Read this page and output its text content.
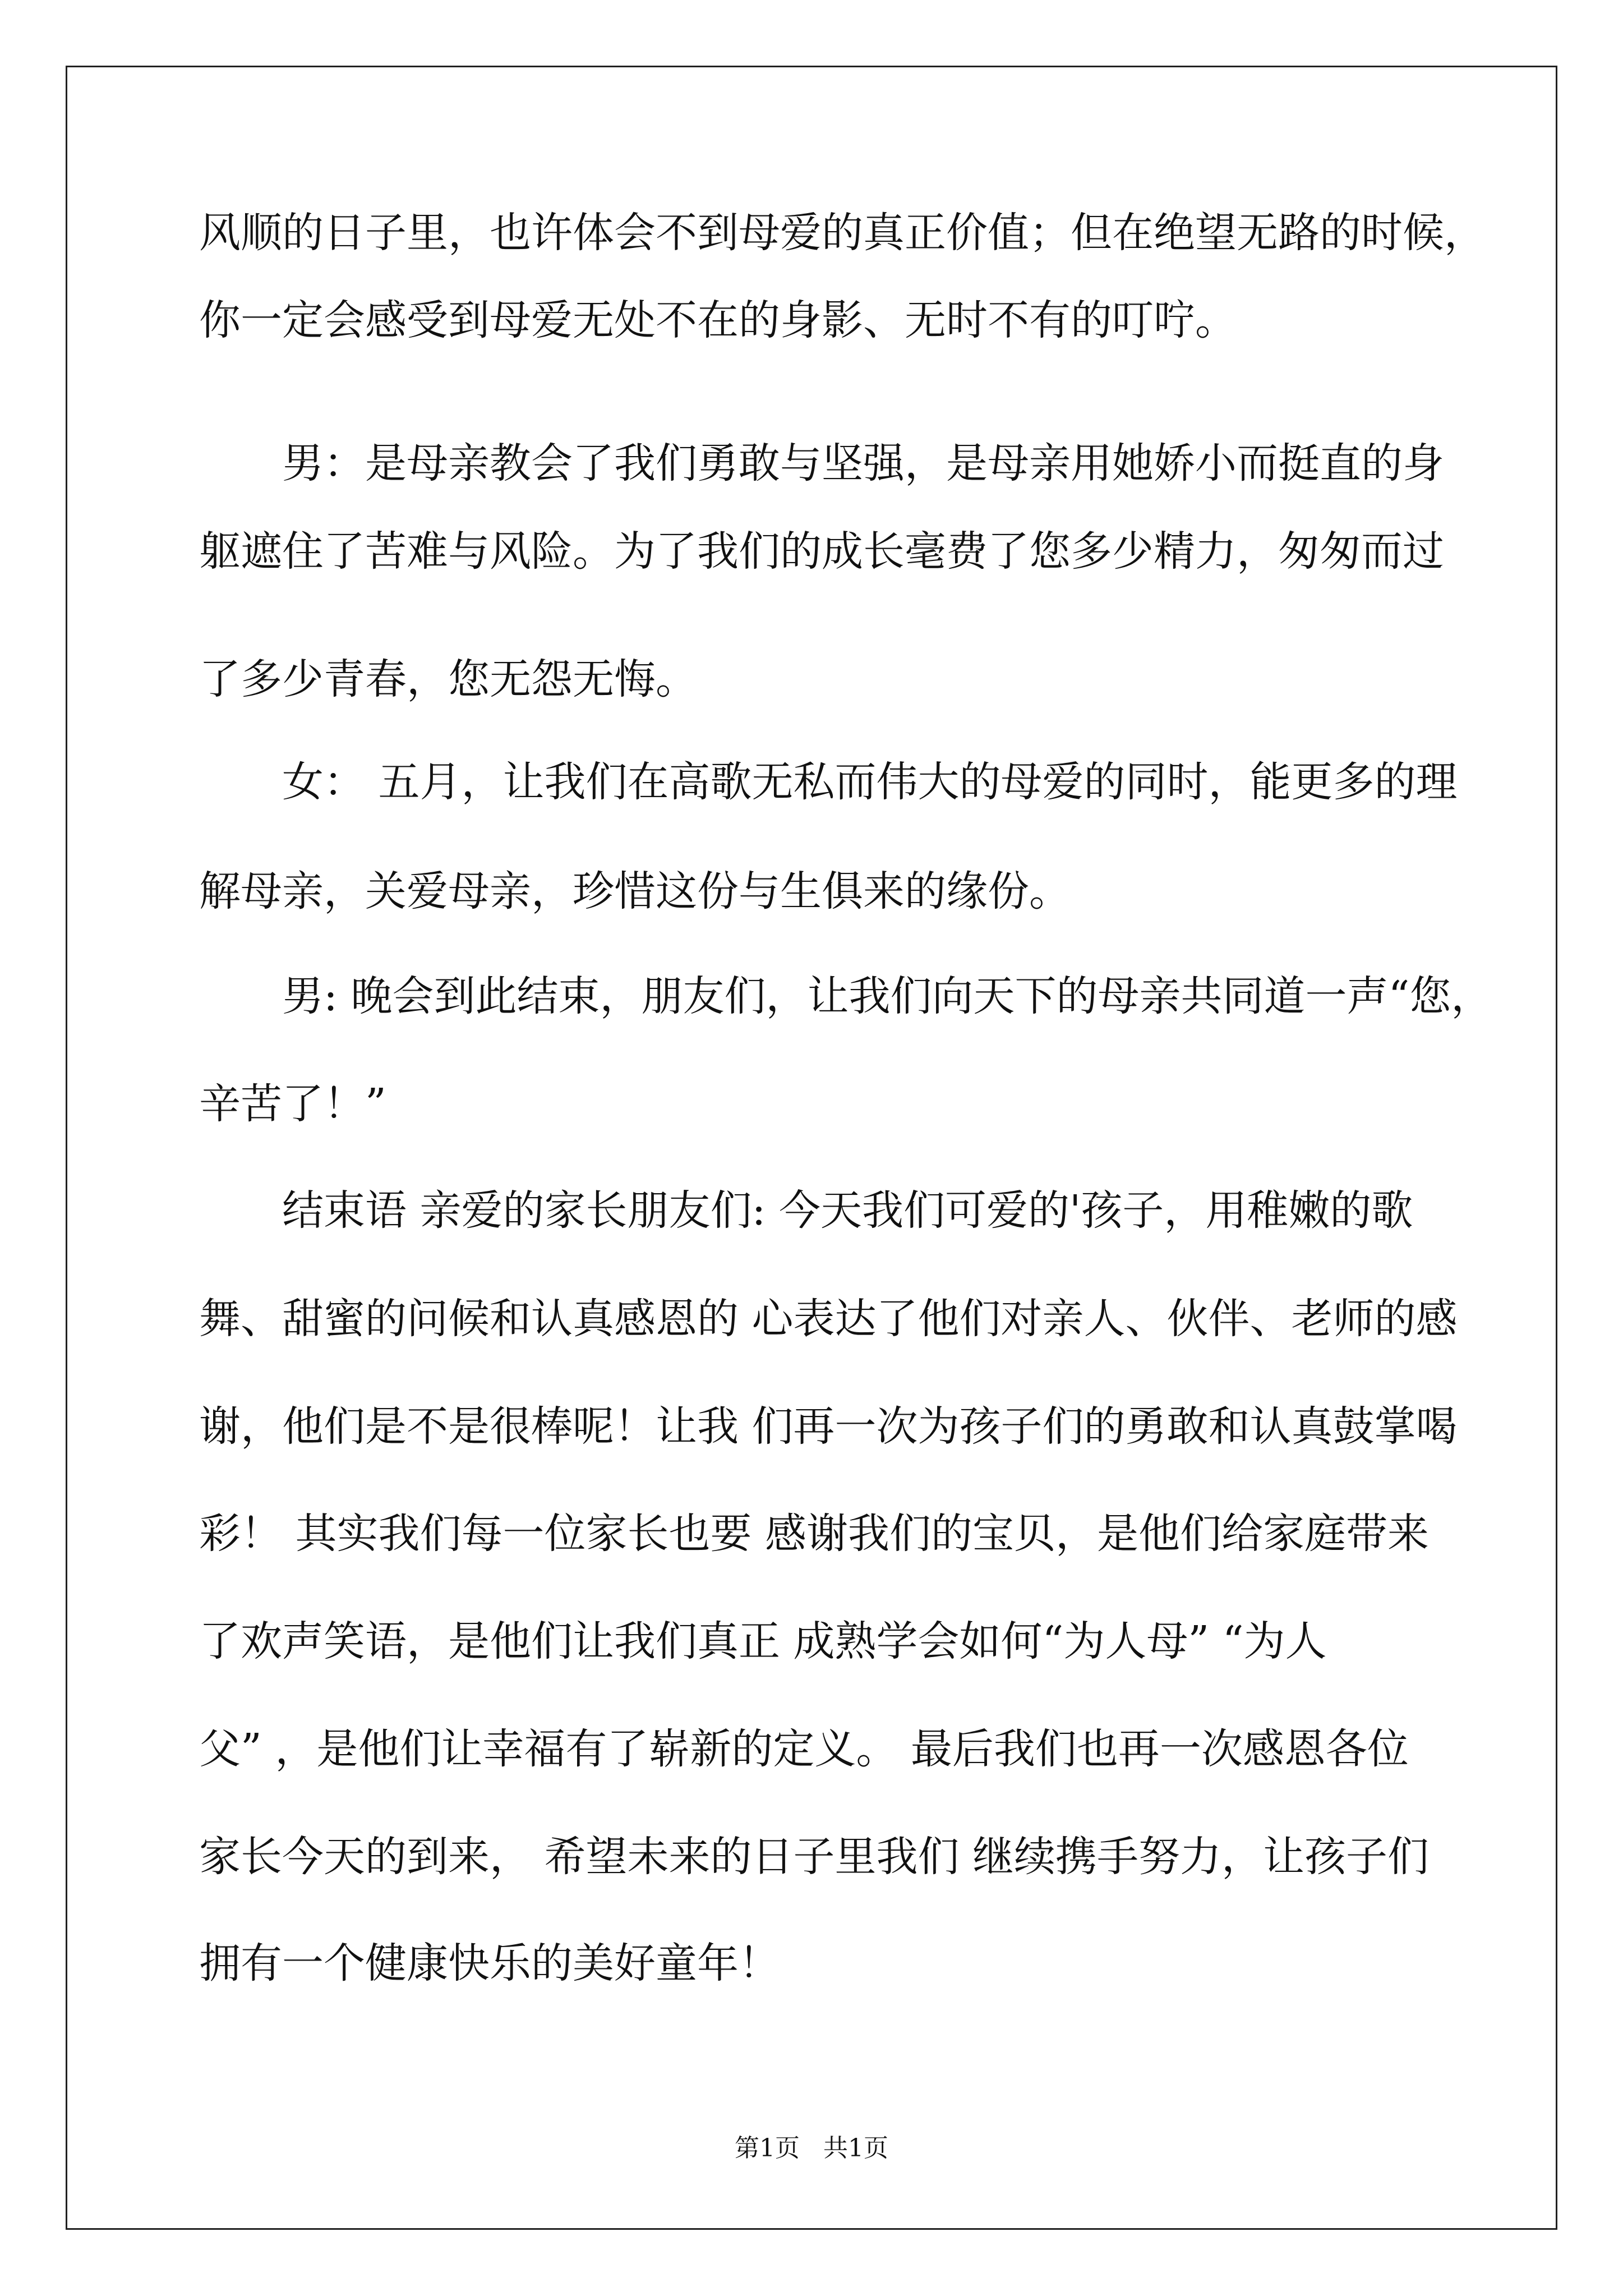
风顺的日子里，也许体会不到母爱的真正价值；但在绝望无路的时候，
你一定会感受到母爱无处不在的身影、无时不有的叮咛。
男：是母亲教会了我们勇敢与坚强，是母亲用她娇小而挺直的身
躯遮住了苦难与风险。为了我们的成长毫费了您多少精力，匆匆而过
了多少青春，您无怨无悔。
女： 五月，让我们在高歌无私而伟大的母爱的同时，能更多的理
解母亲，关爱母亲，珍惜这份与生俱来的缘份。
男: 晚会到此结束，朋友们，让我们向天下的母亲共同道一声“您，
辛苦了！”
结束语 亲爱的家长朋友们: 今天我们可爱的'孩子，用稚嫩的歌
舞、甜蜜的问候和认真感恩的 心表达了他们对亲人、伙伴、老师的感
谢，他们是不是很棒呢！让我 们再一次为孩子们的勇敢和认真鼓掌喝
彩！ 其实我们每一位家长也要 感谢我们的宝贝，是他们给家庭带来
了欢声笑语，是他们让我们真正 成熟学会如何“为人母” “为人
父” ，是他们让幸福有了崭新的定义。 最后我们也再一次感恩各位
家长今天的到来， 希望未来的日子里我们 继续携手努力，让孩子们
拥有一个健康快乐的美好童年！
第1页   共1页
